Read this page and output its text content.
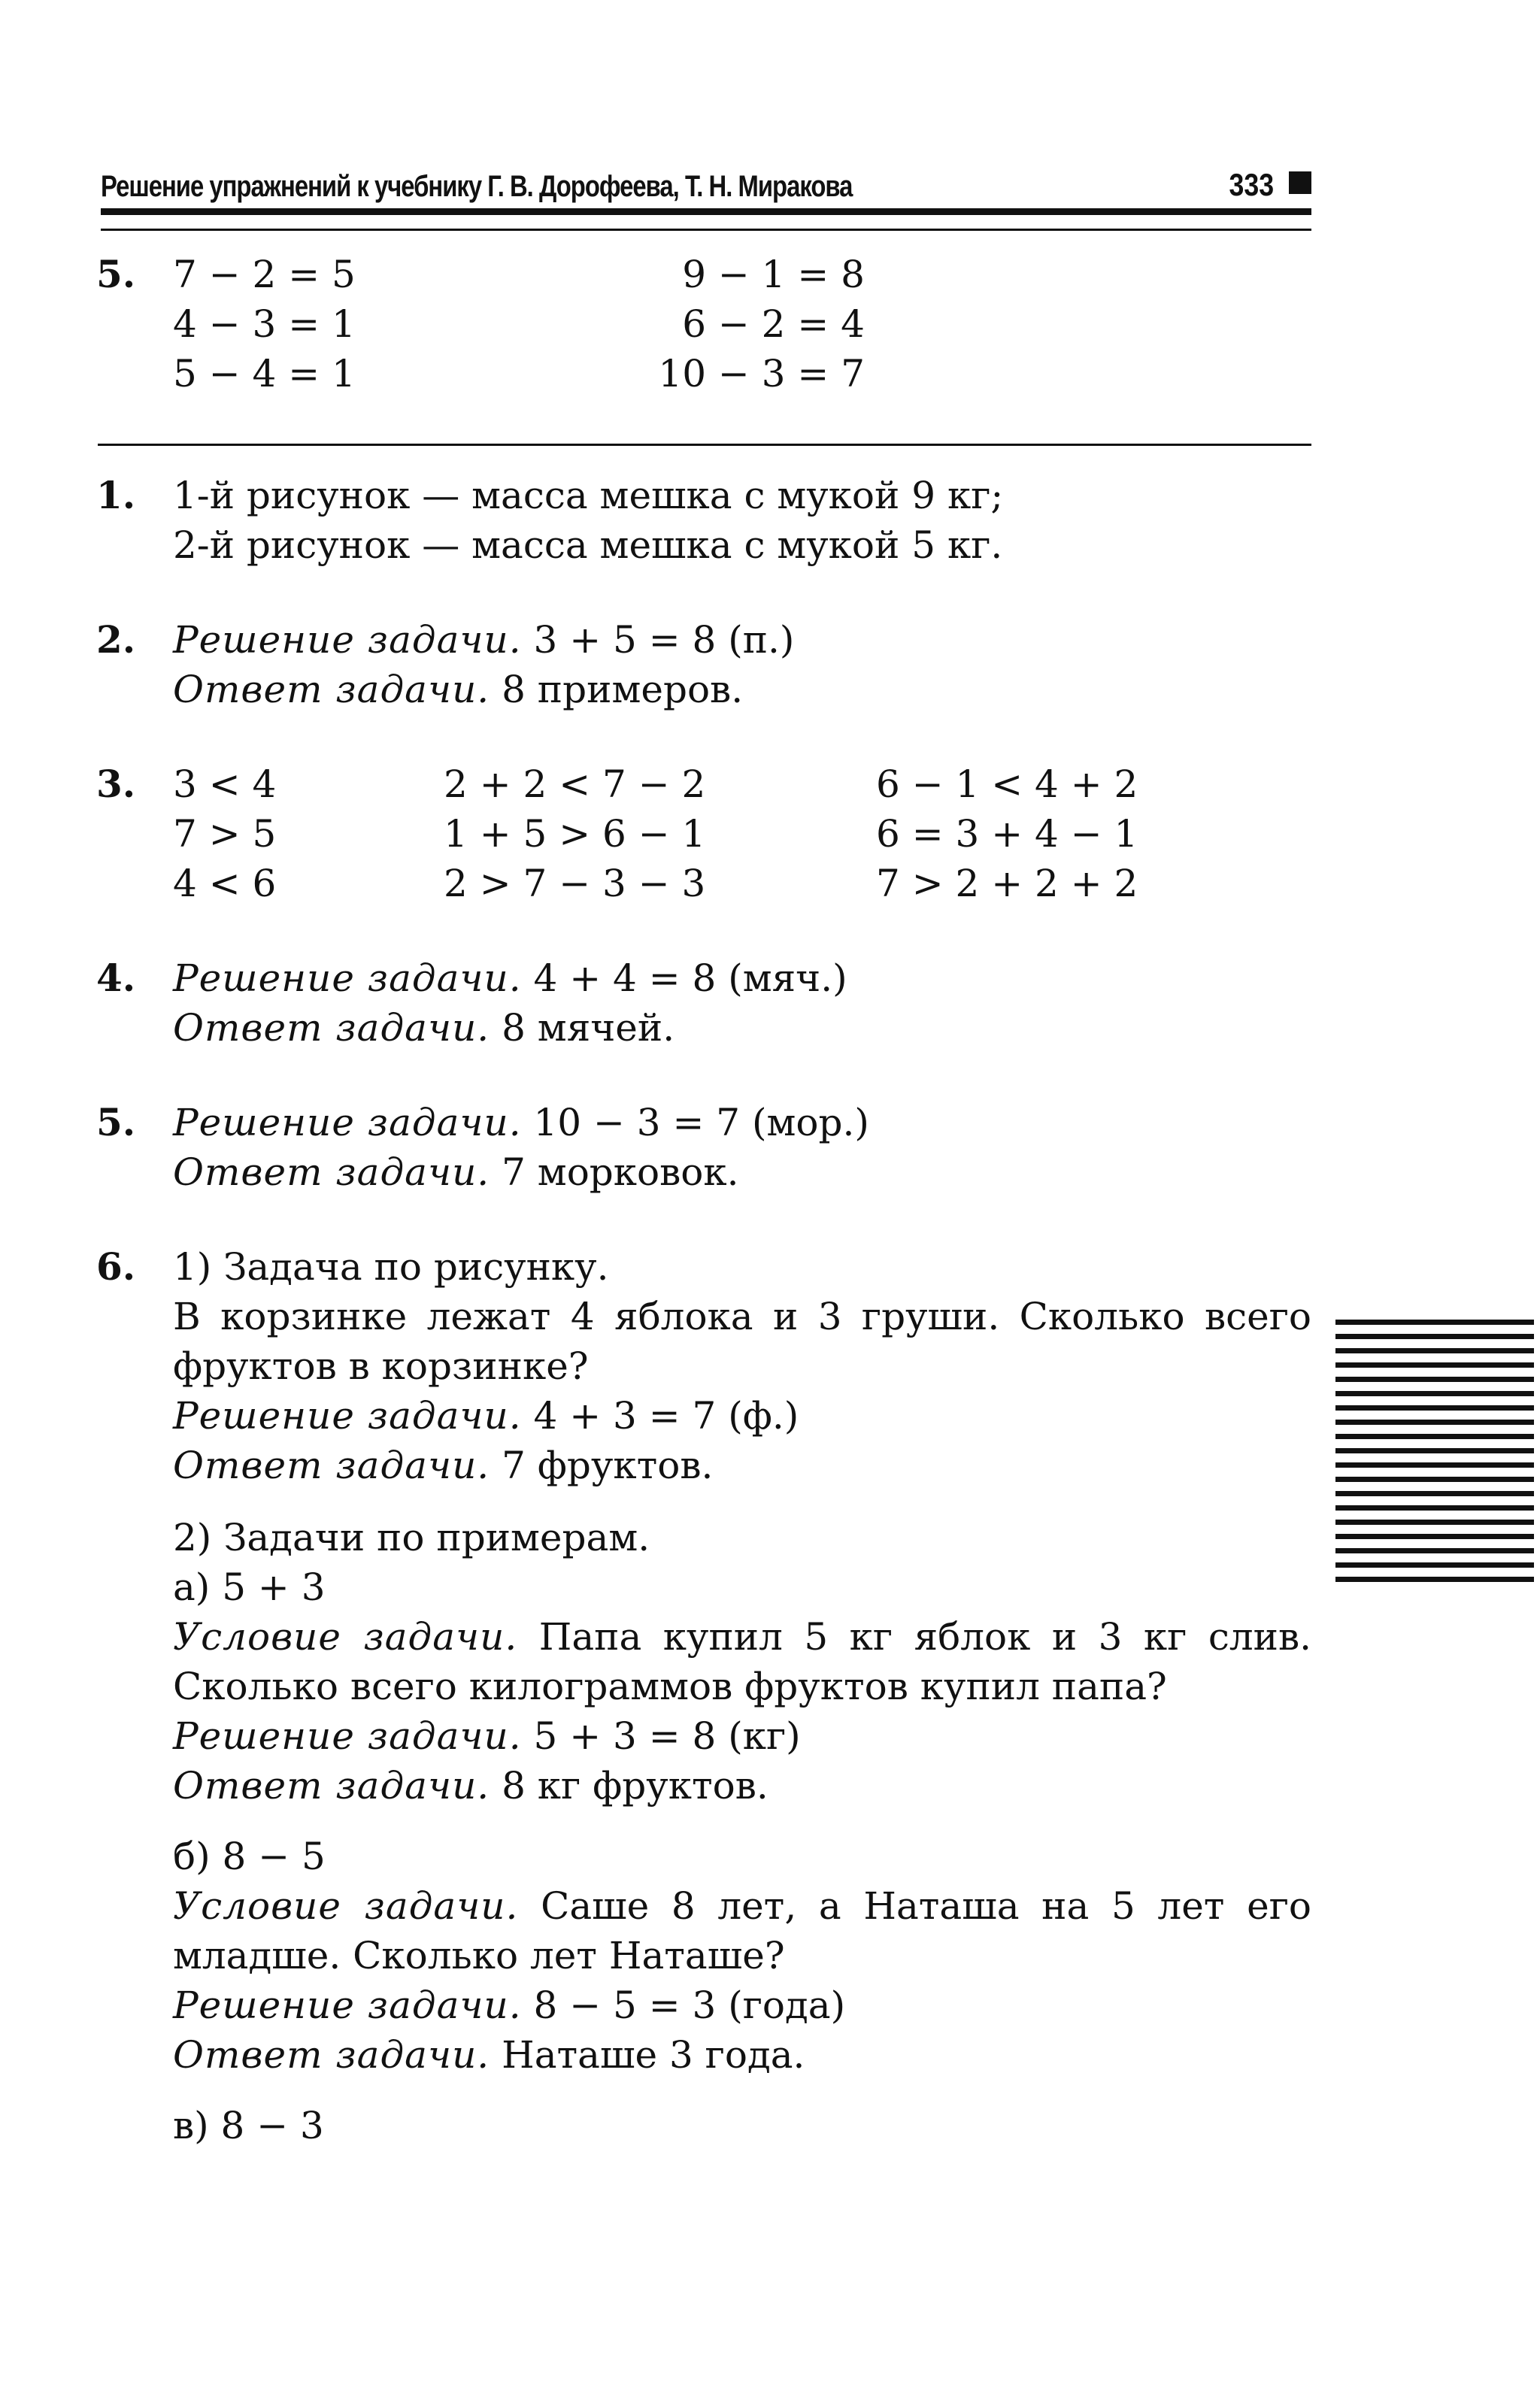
Решение упражнений к учебнику Г. В. Дорофеева, Т. Н. Миракова	333
5. 7 − 2 = 5
4 − 3 = 1
5 − 4 = 1
9 − 1 = 8
6 − 2 = 4
10 − 3 = 7
1. 1-й рисунок — масса мешка с мукой 9 кг;
2-й рисунок — масса мешка с мукой 5 кг.
2. Решение задачи. 3 + 5 = 8 (п.)
Ответ задачи. 8 примеров.
3. 3 < 4
7 > 5
4 < 6
2 + 2 < 7 − 2
1 + 5 > 6 − 1
2 > 7 − 3 − 3
6 − 1 < 4 + 2
6 = 3 + 4 − 1
7 > 2 + 2 + 2
4. Решение задачи. 4 + 4 = 8 (мяч.)
Ответ задачи. 8 мячей.
5. Решение задачи. 10 − 3 = 7 (мор.)
Ответ задачи. 7 морковок.
6. 1) Задача по рисунку.
В корзинке лежат 4 яблока и 3 груши. Сколько всего
фруктов в корзинке?
Решение задачи. 4 + 3 = 7 (ф.)
Ответ задачи. 7 фруктов.
2) Задачи по примерам.
а) 5 + 3
Условие задачи. Папа купил 5 кг яблок и 3 кг слив.
Сколько всего килограммов фруктов купил папа?
Решение задачи. 5 + 3 = 8 (кг)
Ответ задачи. 8 кг фруктов.
б) 8 − 5
Условие задачи. Саше 8 лет, а Наташа на 5 лет его
младше. Сколько лет Наташе?
Решение задачи. 8 − 5 = 3 (года)
Ответ задачи. Наташе 3 года.
в) 8 − 3
